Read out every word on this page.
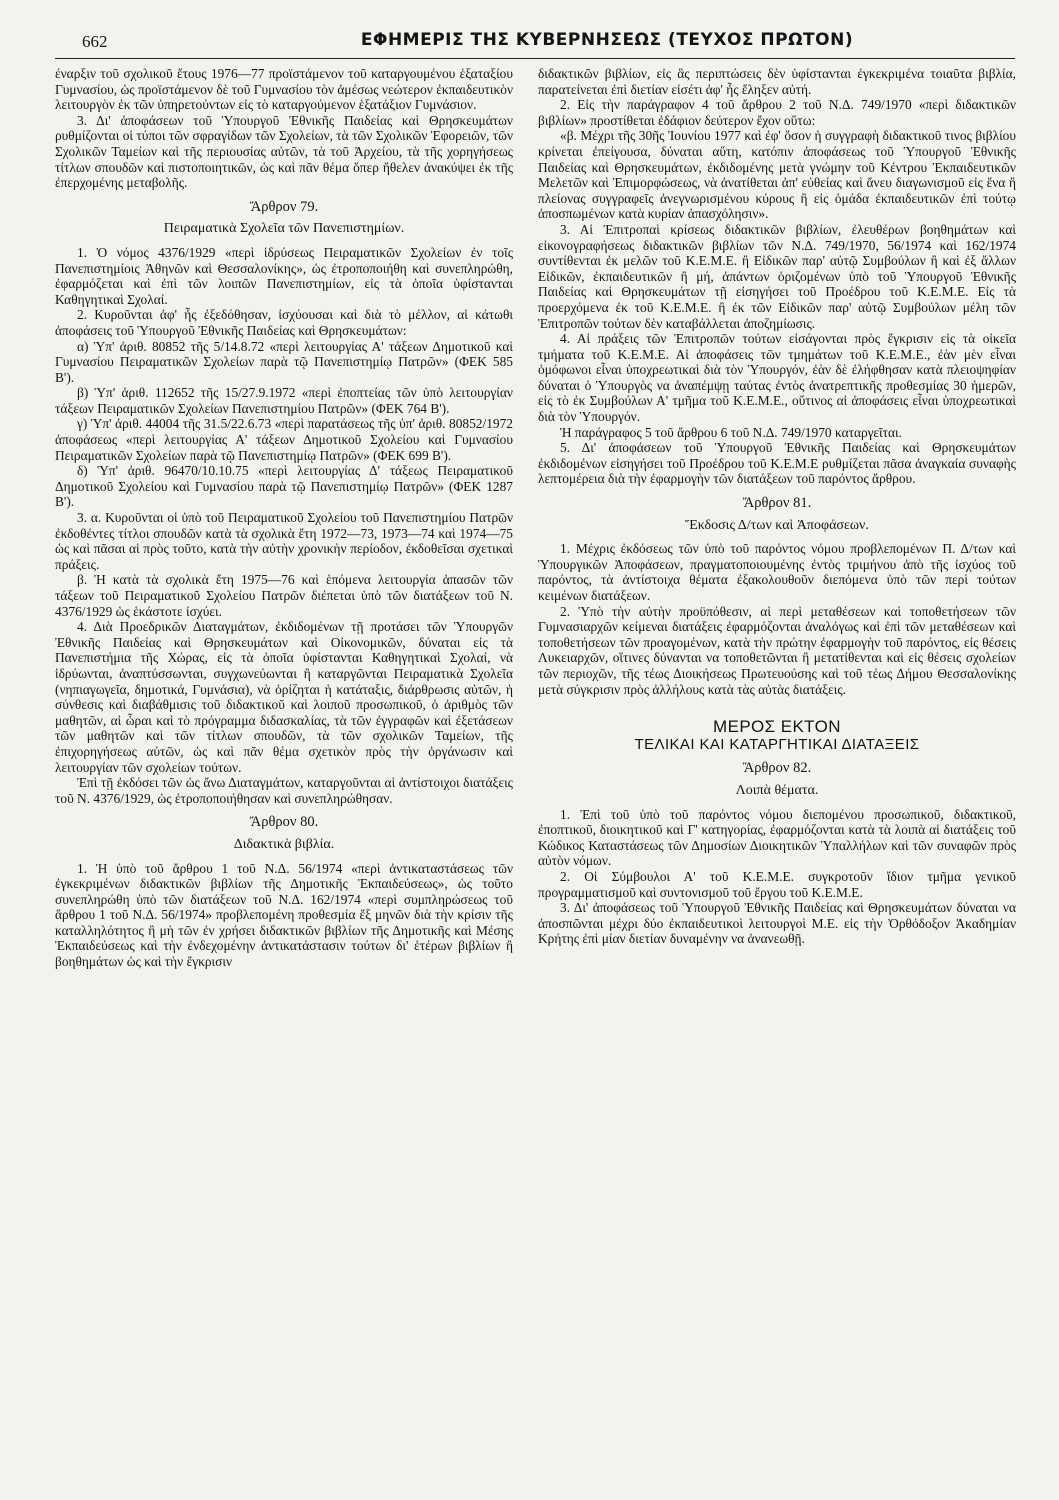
662	ΕΦΗΜΕΡΙΣ ΤΗΣ ΚΥΒΕΡΝΗΣΕΩΣ (ΤΕΥΧΟΣ ΠΡΩΤΟΝ)

έναρξιν τοῦ σχολικοῦ ἔτους 1976—77 προϊστάμενον τοῦ καταργουμένου ἑξαταξίου Γυμνασίου, ὡς προϊστάμενον δὲ τοῦ Γυμνασίου τὸν ἀμέσως νεώτερον ἐκπαιδευτικὸν λειτουργὸν ἐκ τῶν ὑπηρετούντων εἰς τὸ καταργούμενον ἑξατάξιον Γυμνάσιον.

3. Δι' ἀποφάσεων τοῦ Ὑπουργοῦ Ἐθνικῆς Παιδείας καὶ Θρησκευμάτων ρυθμίζονται οἱ τύποι τῶν σφραγίδων τῶν Σχολείων, τὰ τῶν Σχολικῶν Ἐφορειῶν, τῶν Σχολικῶν Ταμείων καὶ τῆς περιουσίας αὐτῶν, τὰ τοῦ Ἀρχείου, τὰ τῆς χορηγήσεως τίτλων σπουδῶν καὶ πιστοποιητικῶν, ὡς καὶ πᾶν θέμα ὅπερ ἤθελεν ἀνακύψει ἐκ τῆς ἐπερχομένης μεταβολῆς.

Ἄρθρον 79.
Πειραματικὰ Σχολεῖα τῶν Πανεπιστημίων.

1. Ὁ νόμος 4376/1929 «περὶ ἱδρύσεως Πειραματικῶν Σχολείων ἐν τοῖς Πανεπιστημίοις Ἀθηνῶν καὶ Θεσσαλονίκης», ὡς ἐτροποποιήθη καὶ συνεπληρώθη, ἐφαρμόζεται καὶ ἐπὶ τῶν λοιπῶν Πανεπιστημίων, εἰς τὰ ὁποῖα ὑφίστανται Καθηγητικαὶ Σχολαί.

2. Κυροῦνται ἀφ' ἧς ἐξεδόθησαν, ἰσχύουσαι καὶ διὰ τὸ μέλλον, αἱ κάτωθι ἀποφάσεις τοῦ Ὑπουργοῦ Ἐθνικῆς Παιδείας καὶ Θρησκευμάτων:

α) Ὑπ' ἀριθ. 80852 τῆς 5/14.8.72 «περὶ λειτουργίας Α' τάξεων Δημοτικοῦ καὶ Γυμνασίου Πειραματικῶν Σχολείων παρὰ τῷ Πανεπιστημίῳ Πατρῶν» (ΦΕΚ 585 Β').

β) Ὑπ' ἀριθ. 112652 τῆς 15/27.9.1972 «περὶ ἐποπτείας τῶν ὑπὸ λειτουργίαν τάξεων Πειραματικῶν Σχολείων Πανεπιστημίου Πατρῶν» (ΦΕΚ 764 Β').

γ) Ὑπ' ἀριθ. 44004 τῆς 31.5/22.6.73 «περὶ παρατάσεως τῆς ὑπ' ἀριθ. 80852/1972 ἀποφάσεως «περὶ λειτουργίας Α' τάξεων Δημοτικοῦ Σχολείου καὶ Γυμνασίου Πειραματικῶν Σχολείων παρὰ τῷ Πανεπιστημίῳ Πατρῶν» (ΦΕΚ 699 Β').

δ) Ὑπ' ἀριθ. 96470/10.10.75 «περὶ λειτουργίας Δ' τάξεως Πειραματικοῦ Δημοτικοῦ Σχολείου καὶ Γυμνασίου παρὰ τῷ Πανεπιστημίῳ Πατρῶν» (ΦΕΚ 1287 Β').

3. α. Κυροῦνται οἱ ὑπὸ τοῦ Πειραματικοῦ Σχολείου τοῦ Πανεπιστημίου Πατρῶν ἐκδοθέντες τίτλοι σπουδῶν κατὰ τὰ σχολικὰ ἔτη 1972—73, 1973—74 καὶ 1974—75 ὡς καὶ πᾶσαι αἱ πρὸς τοῦτο, κατὰ τὴν αὐτὴν χρονικὴν περίοδον, ἐκδοθεῖσαι σχετικαὶ πράξεις.

β. Ἡ κατὰ τὰ σχολικὰ ἔτη 1975—76 καὶ ἑπόμενα λειτουργία ἁπασῶν τῶν τάξεων τοῦ Πειραματικοῦ Σχολείου Πατρῶν διέπεται ὑπὸ τῶν διατάξεων τοῦ Ν. 4376/1929 ὡς ἑκάστοτε ἰσχύει.

4. Διὰ Προεδρικῶν Διαταγμάτων, ἐκδιδομένων τῇ προτάσει τῶν Ὑπουργῶν Ἐθνικῆς Παιδείας καὶ Θρησκευμάτων καὶ Οἰκονομικῶν, δύναται εἰς τὰ Πανεπιστήμια τῆς Χώρας, εἰς τὰ ὁποῖα ὑφίστανται Καθηγητικαὶ Σχολαί, νὰ ἱδρύωνται, ἀναπτύσσωνται, συγχωνεύωνται ἢ καταργῶνται Πειραματικὰ Σχολεῖα (νηπιαγωγεῖα, δημοτικά, Γυμνάσια), νὰ ὁρίζηται ἡ κατάταξις, διάρθρωσις αὐτῶν, ἡ σύνθεσις καὶ διαβάθμισις τοῦ διδακτικοῦ καὶ λοιποῦ προσωπικοῦ, ὁ ἀριθμὸς τῶν μαθητῶν, αἱ ὧραι καὶ τὸ πρόγραμμα διδασκαλίας, τὰ τῶν ἐγγραφῶν καὶ ἐξετάσεων τῶν μαθητῶν καὶ τῶν τίτλων σπουδῶν, τὰ τῶν σχολικῶν Ταμείων, τῆς ἐπιχορηγήσεως αὐτῶν, ὡς καὶ πᾶν θέμα σχετικὸν πρὸς τὴν ὀργάνωσιν καὶ λειτουργίαν τῶν σχολείων τούτων.

Ἐπὶ τῇ ἐκδόσει τῶν ὡς ἄνω Διαταγμάτων, καταργοῦνται αἱ ἀντίστοιχοι διατάξεις τοῦ Ν. 4376/1929, ὡς ἐτροποποιήθησαν καὶ συνεπληρώθησαν.

Ἄρθρον 80.
Διδακτικὰ βιβλία.

1. Ἡ ὑπὸ τοῦ ἄρθρου 1 τοῦ Ν.Δ. 56/1974 «περὶ ἀντικαταστάσεως τῶν ἐγκεκριμένων διδακτικῶν βιβλίων τῆς Δημοτικῆς Ἐκπαιδεύσεως», ὡς τοῦτο συνεπληρώθη ὑπὸ τῶν διατάξεων τοῦ Ν.Δ. 162/1974 «περὶ συμπληρώσεως τοῦ ἄρθρου 1 τοῦ Ν.Δ. 56/1974» προβλεπομένη προθεσμία ἕξ μηνῶν διὰ τὴν κρίσιν τῆς καταλληλότητος ἢ μὴ τῶν ἐν χρήσει διδακτικῶν βιβλίων τῆς Δημοτικῆς καὶ Μέσης Ἐκπαιδεύσεως καὶ τὴν ἐνδεχομένην ἀντικατάστασιν τούτων δι' ἑτέρων βιβλίων ἢ βοηθημάτων ὡς καὶ τὴν ἔγκρισιν

διδακτικῶν βιβλίων, εἰς ἃς περιπτώσεις δὲν ὑφίστανται ἐγκεκριμένα τοιαῦτα βιβλία, παρατείνεται ἐπὶ διετίαν εἰσέτι ἀφ' ἧς ἔληξεν αὐτή.

2. Εἰς τὴν παράγραφον 4 τοῦ ἄρθρου 2 τοῦ Ν.Δ. 749/1970 «περὶ διδακτικῶν βιβλίων» προστίθεται ἐδάφιον δεύτερον ἔχον οὕτω:

«β. Μέχρι τῆς 30ῆς Ἰουνίου 1977 καὶ ἐφ' ὅσον ἡ συγγραφὴ διδακτικοῦ τινος βιβλίου κρίνεται ἐπείγουσα, δύναται αὕτη, κατόπιν ἀποφάσεως τοῦ Ὑπουργοῦ Ἐθνικῆς Παιδείας καὶ Θρησκευμάτων, ἐκδιδομένης μετὰ γνώμην τοῦ Κέντρου Ἐκπαιδευτικῶν Μελετῶν καὶ Ἐπιμορφώσεως, νὰ ἀνατίθεται ἀπ' εὐθείας καὶ ἄνευ διαγωνισμοῦ εἰς ἕνα ἢ πλείονας συγγραφεῖς ἀνεγνωρισμένου κύρους ἢ εἰς ὁμάδα ἐκπαιδευτικῶν ἐπὶ τούτῳ ἀποσπωμένων κατὰ κυρίαν ἀπασχόλησιν».

3. Αἱ Ἐπιτροπαὶ κρίσεως διδακτικῶν βιβλίων, ἐλευθέρων βοηθημάτων καὶ εἰκονογραφήσεως διδακτικῶν βιβλίων τῶν Ν.Δ. 749/1970, 56/1974 καὶ 162/1974 συντίθενται ἐκ μελῶν τοῦ Κ.Ε.Μ.Ε. ἢ Εἰδικῶν παρ' αὐτῷ Συμβούλων ἢ καὶ ἐξ ἄλλων Εἰδικῶν, ἐκπαιδευτικῶν ἢ μή, ἁπάντων ὁριζομένων ὑπὸ τοῦ Ὑπουργοῦ Ἐθνικῆς Παιδείας καὶ Θρησκευμάτων τῇ εἰσηγήσει τοῦ Προέδρου τοῦ Κ.Ε.Μ.Ε. Εἰς τὰ προερχόμενα ἐκ τοῦ Κ.Ε.Μ.Ε. ἢ ἐκ τῶν Εἰδικῶν παρ' αὐτῷ Συμβούλων μέλη τῶν Ἐπιτροπῶν τούτων δὲν καταβάλλεται ἀποζημίωσις.

4. Αἱ πράξεις τῶν Ἐπιτροπῶν τούτων εἰσάγονται πρὸς ἔγκρισιν εἰς τὰ οἰκεῖα τμήματα τοῦ Κ.Ε.Μ.Ε. Αἱ ἀποφάσεις τῶν τμημάτων τοῦ Κ.Ε.Μ.Ε., ἐὰν μὲν εἶναι ὁμόφωνοι εἶναι ὑποχρεωτικαὶ διὰ τὸν Ὑπουργόν, ἐὰν δὲ ἐλήφθησαν κατὰ πλειοψηφίαν δύναται ὁ Ὑπουργὸς να ἀναπέμψῃ ταύτας ἐντὸς ἀνατρεπτικῆς προθεσμίας 30 ἡμερῶν, εἰς τὸ ἐκ Συμβούλων Α' τμῆμα τοῦ Κ.Ε.Μ.Ε., οὕτινος αἱ ἀποφάσεις εἶναι ὑποχρεωτικαὶ διὰ τὸν Ὑπουργόν.

Ἡ παράγραφος 5 τοῦ ἄρθρου 6 τοῦ Ν.Δ. 749/1970 καταργεῖται.

5. Δι' ἀποφάσεων τοῦ Ὑπουργοῦ Ἐθνικῆς Παιδείας καὶ Θρησκευμάτων ἐκδιδομένων εἰσηγήσει τοῦ Προέδρου τοῦ Κ.Ε.Μ.Ε ρυθμίζεται πᾶσα ἀναγκαία συναφὴς λεπτομέρεια διὰ τὴν ἐφαρμογὴν τῶν διατάξεων τοῦ παρόντος ἄρθρου.

Ἄρθρον 81.
Ἔκδοσις Δ/των καὶ Ἀποφάσεων.

1. Μέχρις ἐκδόσεως τῶν ὑπὸ τοῦ παρόντος νόμου προβλεπομένων Π. Δ/των καὶ Ὑπουργικῶν Ἀποφάσεων, πραγματοποιουμένης ἐντὸς τριμήνου ἀπὸ τῆς ἰσχύος τοῦ παρόντος, τὰ ἀντίστοιχα θέματα ἐξακολουθοῦν διεπόμενα ὑπὸ τῶν περὶ τούτων κειμένων διατάξεων.

2. Ὑπὸ τὴν αὐτὴν προϋπόθεσιν, αἱ περὶ μεταθέσεων καὶ τοποθετήσεων τῶν Γυμνασιαρχῶν κείμεναι διατάξεις ἐφαρμόζονται ἀναλόγως καὶ ἐπὶ τῶν μεταθέσεων καὶ τοποθετήσεων τῶν προαγομένων, κατὰ τὴν πρώτην ἐφαρμογὴν τοῦ παρόντος, εἰς θέσεις Λυκειαρχῶν, οἵτινες δύνανται να τοποθετῶνται ἢ μετατίθενται καὶ εἰς θέσεις σχολείων τῶν περιοχῶν, τῆς τέως Διοικήσεως Πρωτευούσης καὶ τοῦ τέως Δήμου Θεσσαλονίκης μετὰ σύγκρισιν πρὸς ἀλλήλους κατὰ τὰς αὐτὰς διατάξεις.

ΜΕΡΟΣ ΕΚΤΟΝ
ΤΕΛΙΚΑΙ ΚΑΙ ΚΑΤΑΡΓΗΤΙΚΑΙ ΔΙΑΤΑΞΕΙΣ
Ἄρθρον 82.
Λοιπὰ θέματα.

1. Ἐπὶ τοῦ ὑπὸ τοῦ παρόντος νόμου διεπομένου προσωπικοῦ, διδακτικοῦ, ἐποπτικοῦ, διοικητικοῦ καὶ Γ' κατηγορίας, ἐφαρμόζονται κατὰ τὰ λοιπὰ αἱ διατάξεις τοῦ Κώδικος Καταστάσεως τῶν Δημοσίων Διοικητικῶν Ὑπαλλήλων καὶ τῶν συναφῶν πρὸς αὐτὸν νόμων.

2. Οἱ Σύμβουλοι Α' τοῦ Κ.Ε.Μ.Ε. συγκροτοῦν ἴδιον τμῆμα γενικοῦ προγραμματισμοῦ καὶ συντονισμοῦ τοῦ ἔργου τοῦ Κ.Ε.Μ.Ε.

3. Δι' ἀποφάσεως τοῦ Ὑπουργοῦ Ἐθνικῆς Παιδείας καὶ Θρησκευμάτων δύναται να ἀποσπῶνται μέχρι δύο ἐκπαιδευτικοὶ λειτουργοὶ Μ.Ε. εἰς τὴν Ὀρθόδοξον Ἀκαδημίαν Κρήτης ἐπὶ μίαν διετίαν δυναμένην να ἀνανεωθῇ.
